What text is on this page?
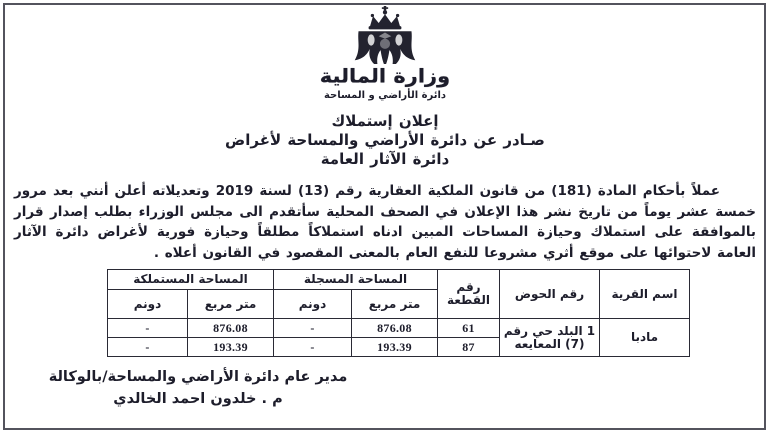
وزارة المالية
دائرة الأراضي و المساحة
إعلان إستملاك
صـادر عن دائرة الأراضي والمساحة لأغراض
دائرة الآثار العامة

عملاً بأحكام المادة (181) من قانون الملكية العقارية رقم (13) لسنة 2019 وتعديلاته أعلن أنني بعد مرور خمسة عشر يوماً من تاريخ نشر هذا الإعلان في الصحف المحلية سأتقدم الى مجلس الوزراء بطلب إصدار قرار بالموافقة على استملاك وحيازة المساحات المبين ادناه استملاكاً مطلقاً وحيازة فورية لأغراض دائرة الآثار العامة لاحتوائها على موقع أثري مشروعا للنفع العام بالمعنى المقصود في القانون أعلاه .

اسم القرية	رقم الحوض	رقم القطعة	المساحة المسجلة		المساحة المستملكة	
			متر مربع	دونم	متر مربع	دونم
مادبا	1 البلد حي رقم (7) المعايعه	61	876.08	-	876.08	-
		87	193.39	-	193.39	-
مدير عام دائرة الأراضي والمساحة/بالوكالة
م . خلدون احمد الخالدي
